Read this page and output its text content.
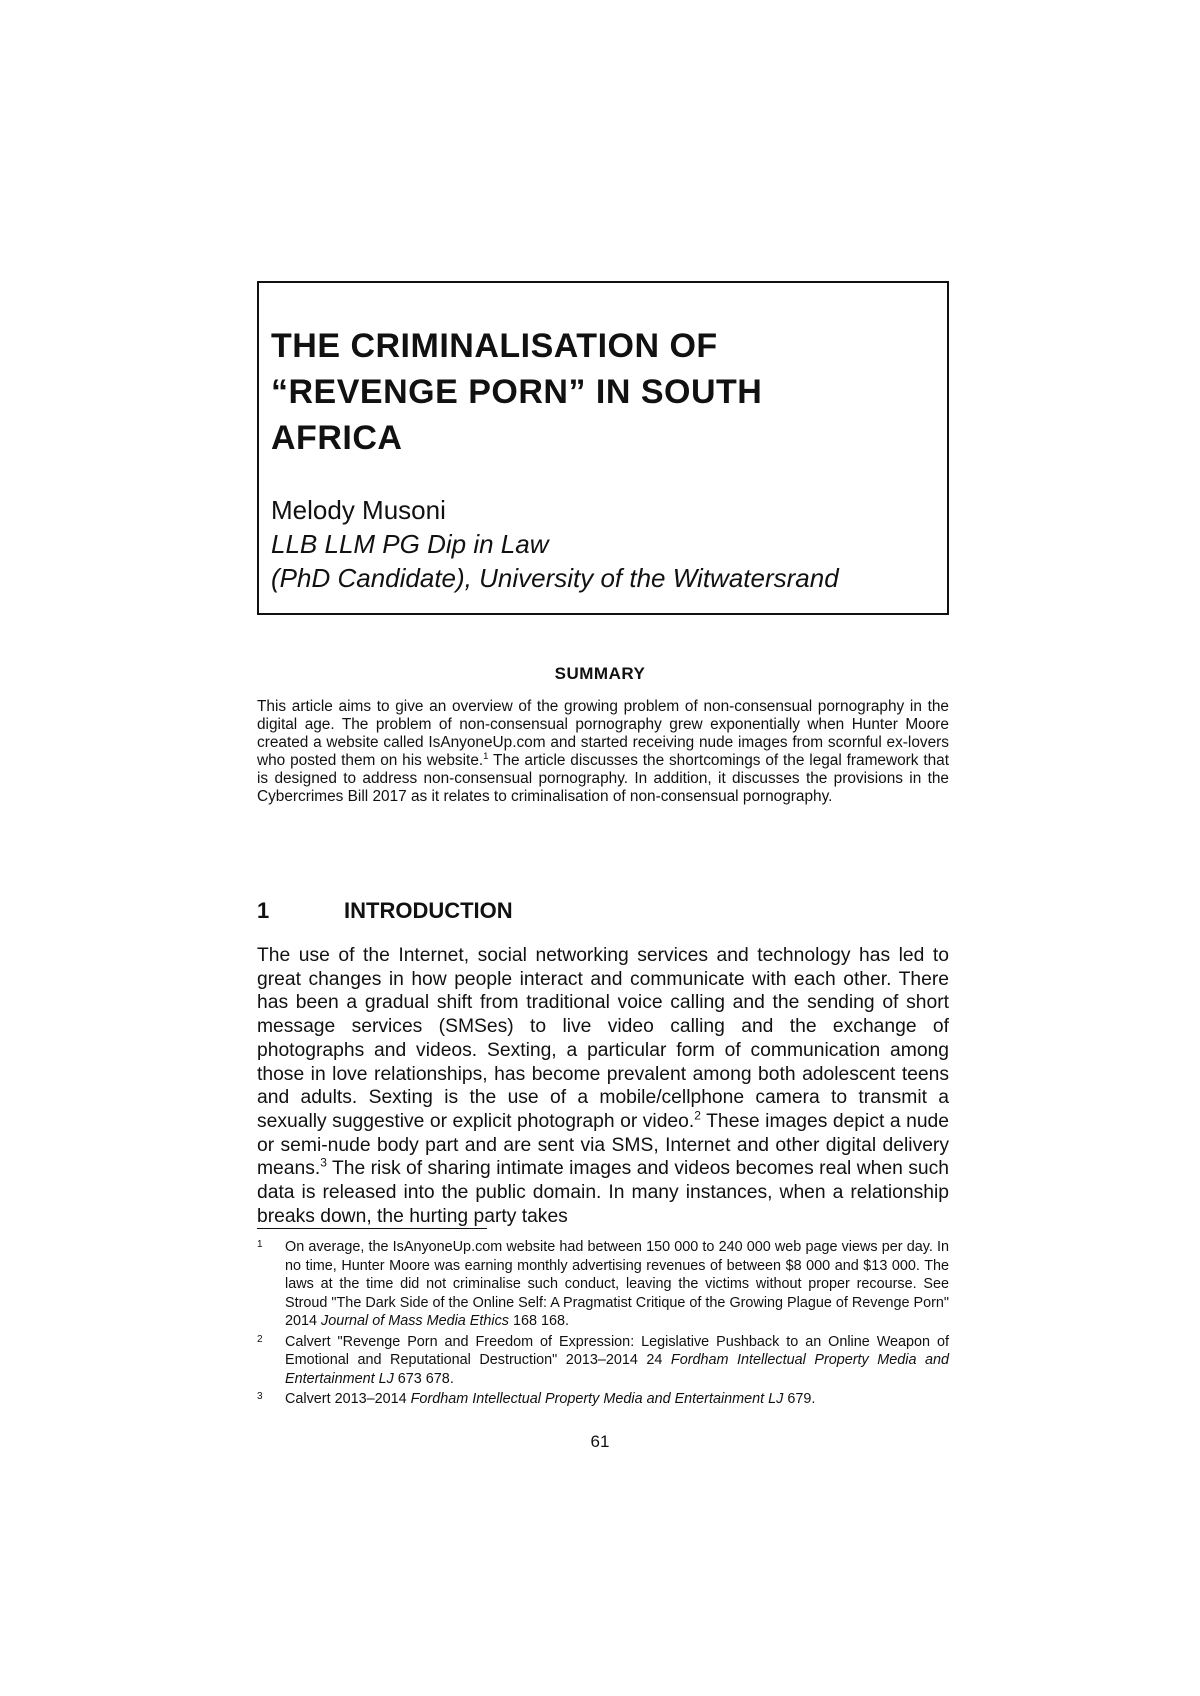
THE CRIMINALISATION OF
“REVENGE PORN” IN SOUTH
AFRICA
Melody Musoni
LLB LLM PG Dip in Law
(PhD Candidate), University of the Witwatersrand
SUMMARY

This article aims to give an overview of the growing problem of non-consensual pornography in the digital age. The problem of non-consensual pornography grew exponentially when Hunter Moore created a website called IsAnyoneUp.com and started receiving nude images from scornful ex-lovers who posted them on his website.$^1$ The article discusses the shortcomings of the legal framework that is designed to address non-consensual pornography. In addition, it discusses the provisions in the Cybercrimes Bill 2017 as it relates to criminalisation of non-consensual pornography.

1	INTRODUCTION

The use of the Internet, social networking services and technology has led to great changes in how people interact and communicate with each other. There has been a gradual shift from traditional voice calling and the sending of short message services (SMSes) to live video calling and the exchange of photographs and videos. Sexting, a particular form of communication among those in love relationships, has become prevalent among both adolescent teens and adults. Sexting is the use of a mobile/cellphone camera to transmit a sexually suggestive or explicit photograph or video.$^2$ These images depict a nude or semi-nude body part and are sent via SMS, Internet and other digital delivery means.$^3$ The risk of sharing intimate images and videos becomes real when such data is released into the public domain. In many instances, when a relationship breaks down, the hurting party takes

1	On average, the IsAnyoneUp.com website had between 150 000 to 240 000 web page views per day. In no time, Hunter Moore was earning monthly advertising revenues of between $8 000 and $13 000. The laws at the time did not criminalise such conduct, leaving the victims without proper recourse. See Stroud "The Dark Side of the Online Self: A Pragmatist Critique of the Growing Plague of Revenge Porn" 2014 Journal of Mass Media Ethics 168 168.
2	Calvert "Revenge Porn and Freedom of Expression: Legislative Pushback to an Online Weapon of Emotional and Reputational Destruction" 2013–2014 24 Fordham Intellectual Property Media and Entertainment LJ 673 678.
3	Calvert 2013–2014 Fordham Intellectual Property Media and Entertainment LJ 679.
61
